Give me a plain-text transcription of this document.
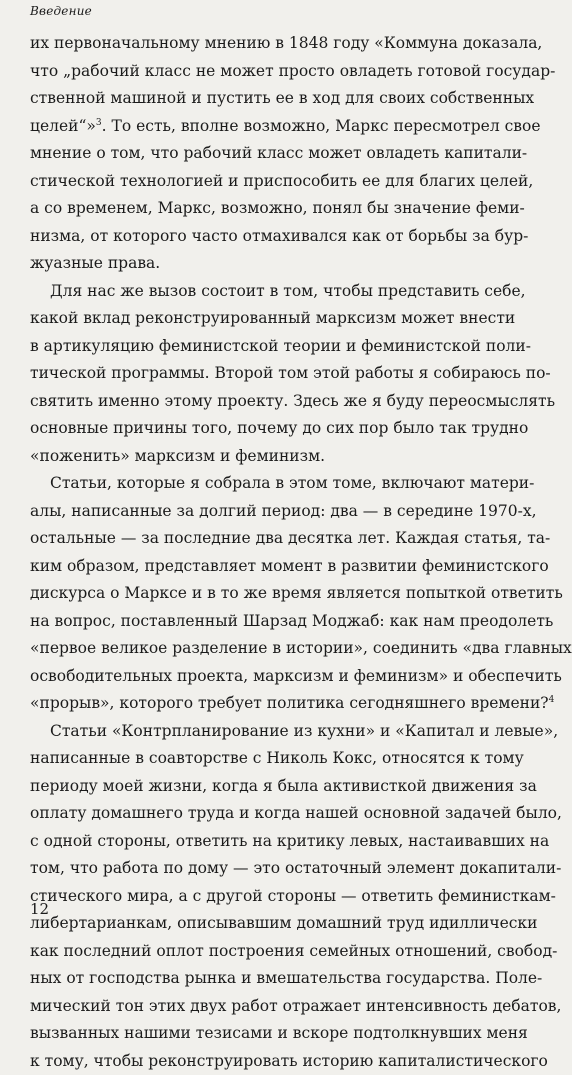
Введение
их первоначальному мнению в 1848 году «Коммуна доказала,
что „рабочий класс не может просто овладеть готовой государ-
ственной машиной и пустить ее в ход для своих собственных
целей“»$^3$. То есть, вполне возможно, Маркс пересмотрел свое
мнение о том, что рабочий класс может овладеть капитали-
стической технологией и приспособить ее для благих целей,
а со временем, Маркс, возможно, понял бы значение феми-
низма, от которого часто отмахивался как от борьбы за бур-
жуазные права.
Для нас же вызов состоит в том, чтобы представить себе,
какой вклад реконструированный марксизм может внести
в артикуляцию феминистской теории и феминистской поли-
тической программы. Второй том этой работы я собираюсь по-
святить именно этому проекту. Здесь же я буду переосмыслять
основные причины того, почему до сих пор было так трудно
«поженить» марксизм и феминизм.
Статьи, которые я собрала в этом томе, включают матери-
алы, написанные за долгий период: два — в середине 1970-х,
остальные — за последние два десятка лет. Каждая статья, та-
ким образом, представляет момент в развитии феминистского
дискурса о Марксе и в то же время является попыткой ответить
на вопрос, поставленный Шарзад Моджаб: как нам преодолеть
«первое великое разделение в истории», соединить «два главных
освободительных проекта, марксизм и феминизм» и обеспечить
«прорыв», которого требует политика сегодняшнего времени?$^4$
Статьи «Контрпланирование из кухни» и «Капитал и левые»,
написанные в соавторстве с Николь Кокс, относятся к тому
периоду моей жизни, когда я была активисткой движения за
оплату домашнего труда и когда нашей основной задачей было,
с одной стороны, ответить на критику левых, настаивавших на
том, что работа по дому — это остаточный элемент докапитали-
стического мира, а с другой стороны — ответить феминисткам-
либертарианкам, описывавшим домашний труд идиллически
как последний оплот построения семейных отношений, свобод-
ных от господства рынка и вмешательства государства. Поле-
мический тон этих двух работ отражает интенсивность дебатов,
вызванных нашими тезисами и вскоре подтолкнувших меня
к тому, чтобы реконструировать историю капиталистического
12
